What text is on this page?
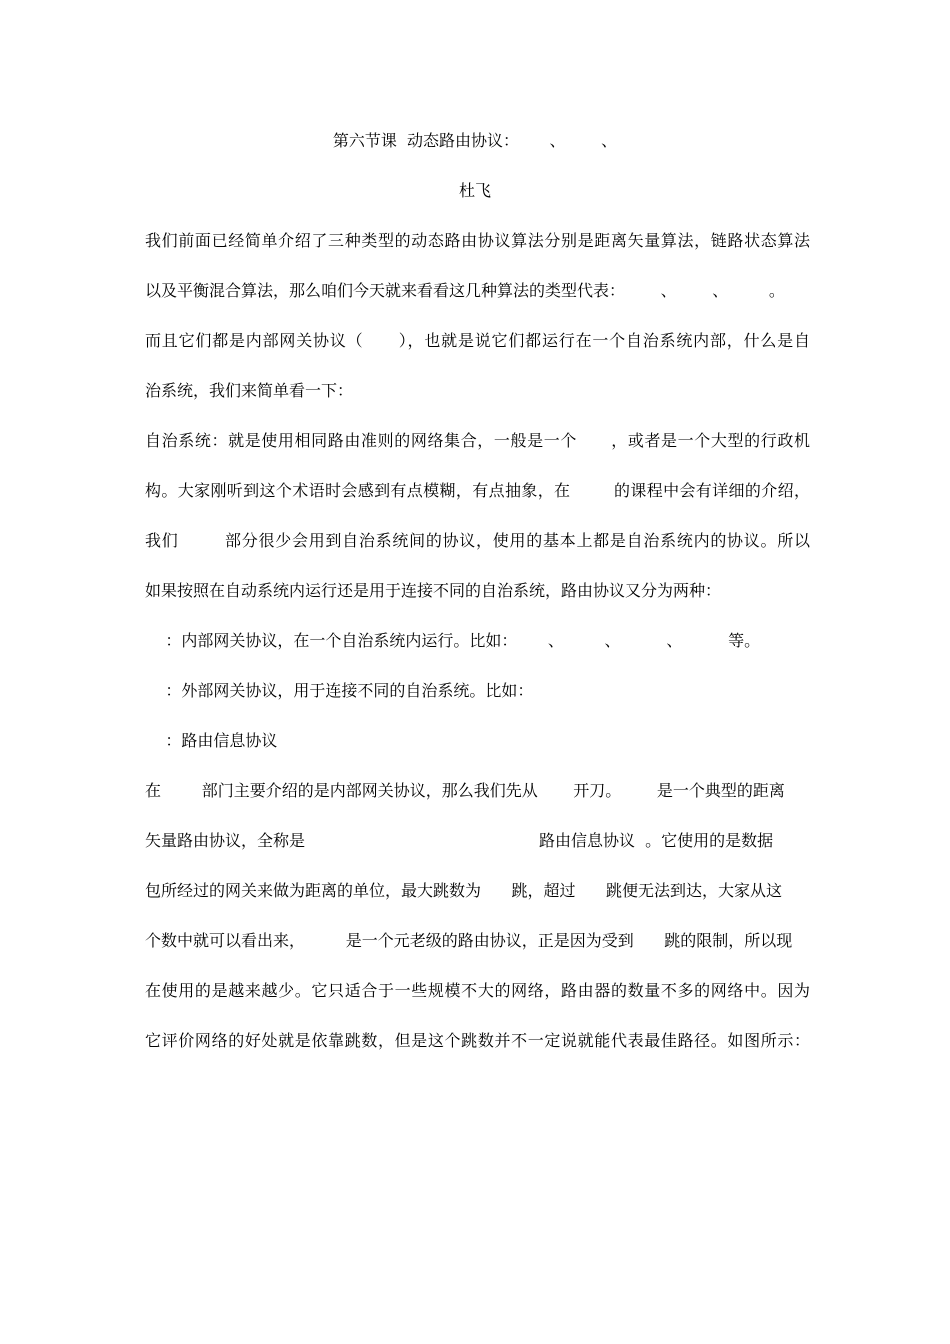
第六节课  动态路由协议：      、       、
杜飞
我们前面已经简单介绍了三种类型的动态路由协议算法分别是距离矢量算法，链路状态算法
以及平衡混合算法，那么咱们今天就来看看这几种算法的类型代表：       、       、        。
而且它们都是内部网关协议（      ），也就是说它们都运行在一个自治系统内部，什么是自
治系统，我们来简单看一下：
自治系统：就是使用相同路由准则的网络集合，一般是一个      ，或者是一个大型的行政机
构。大家刚听到这个术语时会感到有点模糊，有点抽象，在        的课程中会有详细的介绍，
我们        部分很少会用到自治系统间的协议，使用的基本上都是自治系统内的协议。所以
如果按照在自动系统内运行还是用于连接不同的自治系统，路由协议又分为两种：
：内部网关协议，在一个自治系统内运行。比如：      、        、         、         等。
：外部网关协议，用于连接不同的自治系统。比如：
：路由信息协议
在        部门主要介绍的是内部网关协议，那么我们先从       开刀。       是一个典型的距离
矢量路由协议，全称是                                              路由信息协议  。它使用的是数据
包所经过的网关来做为距离的单位，最大跳数为      跳，超过      跳便无法到达，大家从这
个数中就可以看出来，        是一个元老级的路由协议，正是因为受到      跳的限制，所以现
在使用的是越来越少。它只适合于一些规模不大的网络，路由器的数量不多的网络中。因为
它评价网络的好处就是依靠跳数，但是这个跳数并不一定说就能代表最佳路径。如图所示：
